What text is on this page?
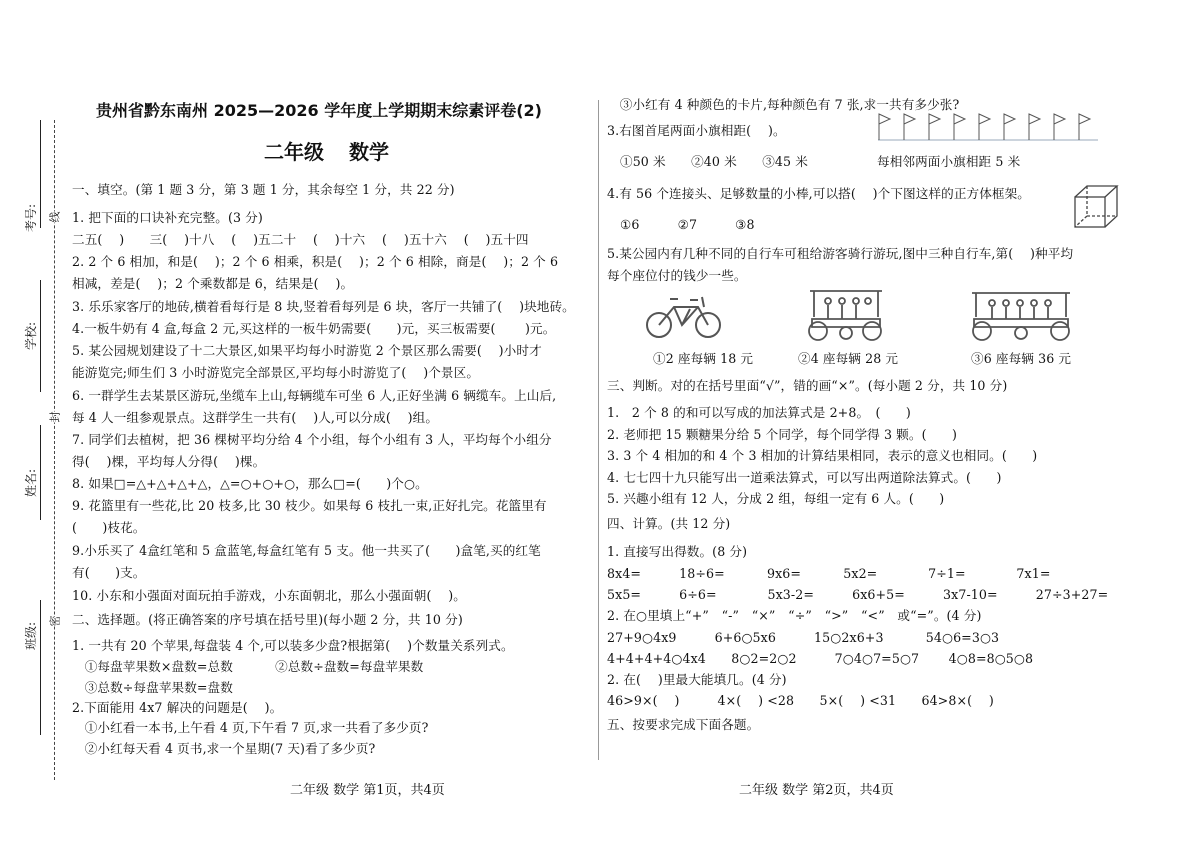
考号:
学校:
姓名:
班级:
线
封
密
贵州省黔东南州 2025—2026 学年度上学期期末综素评卷(2)
二年级 数学
一、填空。(第 1 题 3 分，第 3 题 1 分，其余每空 1 分，共 22 分)
1. 把下面的口诀补充完整。(3 分)
二五(　 )　　三(　 )十八　 (　 )五二十　 (　 )十六　 (　 )五十六　 (　 )五十四
2. 2 个 6 相加，和是(　 )；2 个 6 相乘，积是(　 )；2 个 6 相除，商是(　 )；2 个 6
相减，差是(　 )；2 个乘数都是 6，结果是(　 )。
3. 乐乐家客厅的地砖,横着看每行是 8 块,竖着看每列是 6 块，客厅一共铺了(　 )块地砖。
4.一板牛奶有 4 盒,每盒 2 元,买这样的一板牛奶需要(　　)元，买三板需要(　　 )元。
5. 某公园规划建设了十二大景区,如果平均每小时游览 2 个景区那么需要(　 )小时才
能游览完;师生们 3 小时游览完全部景区,平均每小时游览了(　 )个景区。
6. 一群学生去某景区游玩,坐缆车上山,每辆缆车可坐 6 人,正好坐满 6 辆缆车。上山后,
每 4 人一组参观景点。这群学生一共有(　 )人,可以分成(　 )组。
7. 同学们去植树，把 36 棵树平均分给 4 个小组，每个小组有 3 人，平均每个小组分
得(　 )棵，平均每人分得(　 )棵。
8. 如果□=△+△+△+△，△=○+○+○，那么□=(　　)个○。
9. 花篮里有一些花,比 20 枝多,比 30 枝少。如果每 6 枝扎一束,正好扎完。花篮里有
(　　)枝花。
9.小乐买了 4盒红笔和 5 盒蓝笔,每盒红笔有 5 支。他一共买了(　　)盒笔,买的红笔
有(　　)支。
10. 小东和小强面对面玩拍手游戏，小东面朝北，那么小强面朝(　 )。
二、选择题。(将正确答案的序号填在括号里)(每小题 2 分，共 10 分)
1. 一共有 20 个苹果,每盘装 4 个,可以装多少盘?根据第(　 )个数量关系列式。
　①每盘苹果数×盘数=总数　　　 ②总数÷盘数=每盘苹果数
　③总数÷每盘苹果数=盘数
2.下面能用 4x7 解决的问题是(　 )。
　①小红看一本书,上午看 4 页,下午看 7 页,求一共看了多少页?
　②小红每天看 4 页书,求一个星期(7 天)看了多少页?
二年级 数学 第1页，共4页
　③小红有 4 种颜色的卡片,每种颜色有 7 张,求一共有多少张?
3.右图首尾两面小旗相距(　 )。
①50 米　　②40 米　　③45 米	每相邻两面小旗相距 5 米
4.有 56 个连接头、足够数量的小棒,可以搭(　 )个下图这样的正方体框架。
①6　　　②7　　　③8
5.某公园内有几种不同的自行车可租给游客骑行游玩,图中三种自行车,第(　 )种平均
每个座位付的钱少一些。
①2 座每辆 18 元	②4 座每辆 28 元	③6 座每辆 36 元
三、判断。对的在括号里面“√”，错的画“×”。(每小题 2 分，共 10 分)
1.　2 个 8 的和可以写成的加法算式是 2+8。　(　　)
2. 老师把 15 颗糖果分给 5 个同学，每个同学得 3 颗。(　　)
3. 3 个 4 相加的和 4 个 3 相加的计算结果相同，表示的意义也相同。(　　)
4. 七七四十九只能写出一道乘法算式，可以写出两道除法算式。(　　)
5. 兴趣小组有 12 人，分成 2 组，每组一定有 6 人。(　　)
四、计算。(共 12 分)
1. 直接写出得数。(8 分)
8x4=　　　18÷6=　　　 9x6=　　　 5x2=　　　　7÷1=　　　　7x1=
5x5=　　　6÷6=　　　　5x3-2=　　　6x6+5=　　　3x7-10=　　　27÷3+27=
2. 在○里填上“+”　“-”　“×”　“÷”　“>”　“<”　或“=”。(4 分)
27+9○4x9　　　6+6○5x6　　　15○2x6+3　　　 54○6=3○3
4+4+4+4○4x4　　8○2=2○2　　　7○4○7=5○7　　 4○8=8○5○8
2. 在(　 )里最大能填几。(4 分)
46>9×(　 )　　　4×(　 ) <28　　5×(　 ) <31　　64>8×(　 )
五、按要求完成下面各题。
二年级 数学 第2页，共4页
